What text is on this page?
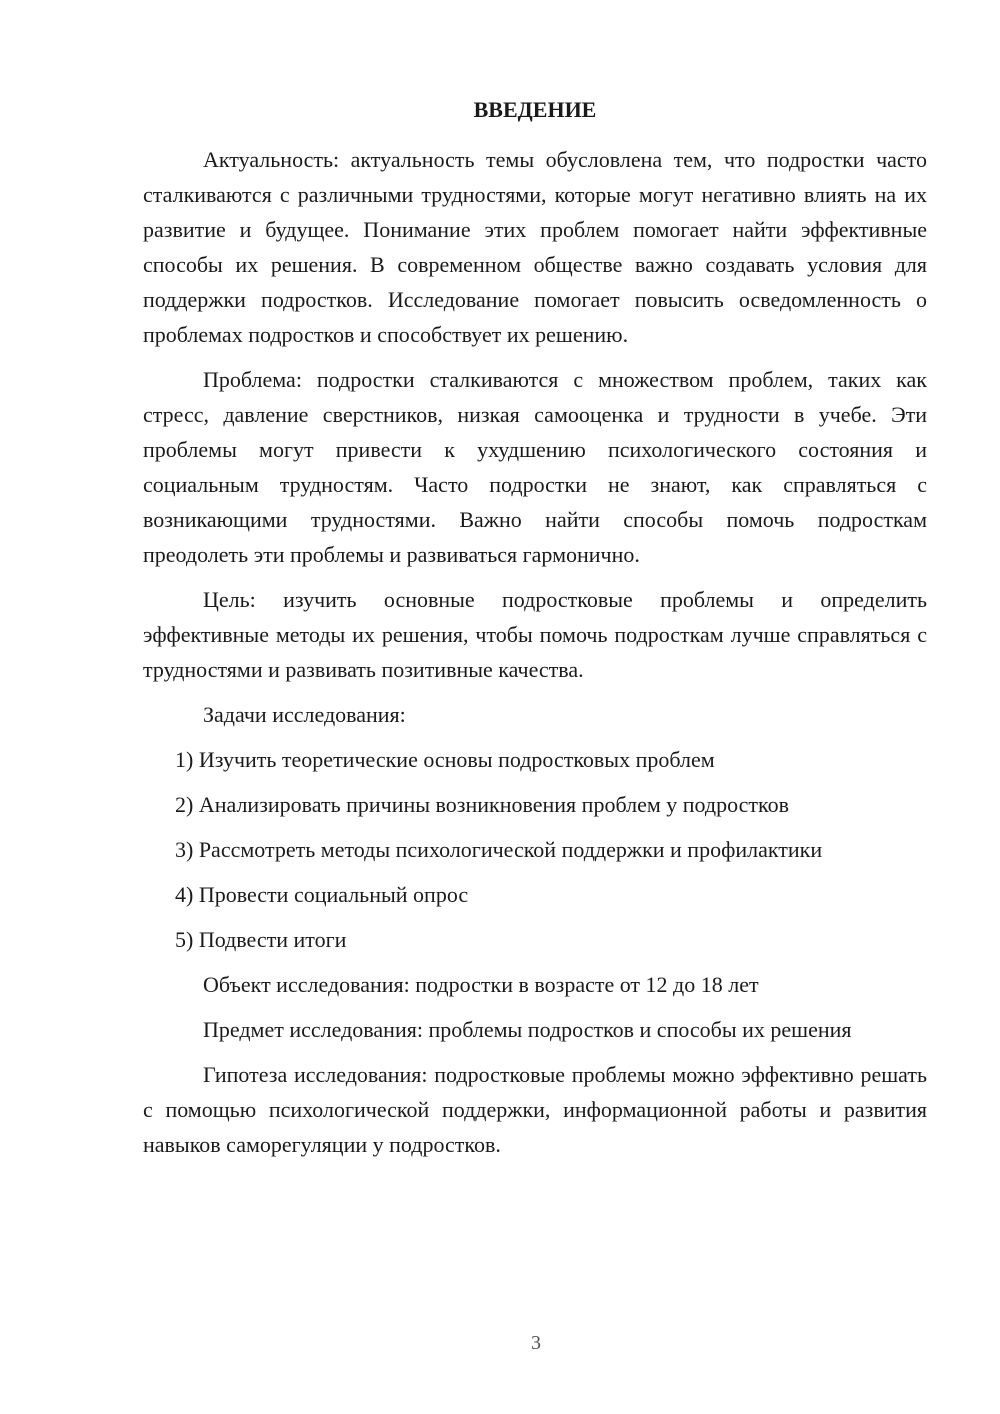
ВВЕДЕНИЕ

Актуальность: актуальность темы обусловлена тем, что подростки часто сталкиваются с различными трудностями, которые могут негативно влиять на их развитие и будущее. Понимание этих проблем помогает найти эффективные способы их решения. В современном обществе важно создавать условия для поддержки подростков. Исследование помогает повысить осведомленность о проблемах подростков и способствует их решению.

Проблема: подростки сталкиваются с множеством проблем, таких как стресс, давление сверстников, низкая самооценка и трудности в учебе. Эти проблемы могут привести к ухудшению психологического состояния и социальным трудностям. Часто подростки не знают, как справляться с возникающими трудностями. Важно найти способы помочь подросткам преодолеть эти проблемы и развиваться гармонично.

Цель: изучить основные подростковые проблемы и определить эффективные методы их решения, чтобы помочь подросткам лучше справляться с трудностями и развивать позитивные качества.

Задачи исследования:

1) Изучить теоретические основы подростковых проблем

2) Анализировать причины возникновения проблем у подростков

3) Рассмотреть методы психологической поддержки и профилактики

4) Провести социальный опрос

5) Подвести итоги

Объект исследования: подростки в возрасте от 12 до 18 лет

Предмет исследования: проблемы подростков и способы их решения

Гипотеза исследования: подростковые проблемы можно эффективно решать с помощью психологической поддержки, информационной работы и развития навыков саморегуляции у подростков.

3
